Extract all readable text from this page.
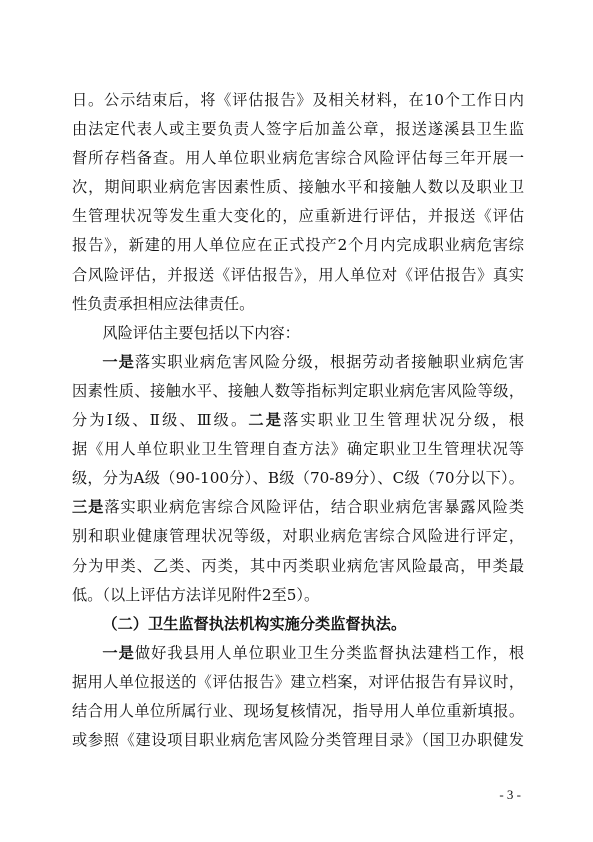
日。公示结束后，将《评估报告》及相关材料，在10个工作日内
由法定代表人或主要负责人签字后加盖公章，报送遂溪县卫生监
督所存档备查。用人单位职业病危害综合风险评估每三年开展一
次，期间职业病危害因素性质、接触水平和接触人数以及职业卫
生管理状况等发生重大变化的，应重新进行评估，并报送《评估
报告》，新建的用人单位应在正式投产2个月内完成职业病危害综
合风险评估，并报送《评估报告》，用人单位对《评估报告》真实
性负责承担相应法律责任。

风险评估主要包括以下内容：

一是落实职业病危害风险分级，根据劳动者接触职业病危害
因素性质、接触水平、接触人数等指标判定职业病危害风险等级，
分为Ⅰ级、Ⅱ级、Ⅲ级。二是落实职业卫生管理状况分级，根
据《用人单位职业卫生管理自查方法》确定职业卫生管理状况等
级，分为A级（90-100分）、B级（70-89分）、C级（70分以下）。
三是落实职业病危害综合风险评估，结合职业病危害暴露风险类
别和职业健康管理状况等级，对职业病危害综合风险进行评定，
分为甲类、乙类、丙类，其中丙类职业病危害风险最高，甲类最
低。（以上评估方法详见附件2至5）。

（二）卫生监督执法机构实施分类监督执法。

一是做好我县用人单位职业卫生分类监督执法建档工作，根
据用人单位报送的《评估报告》建立档案，对评估报告有异议时，
结合用人单位所属行业、现场复核情况，指导用人单位重新填报。
或参照《建设项目职业病危害风险分类管理目录》（国卫办职健发

- 3 -
